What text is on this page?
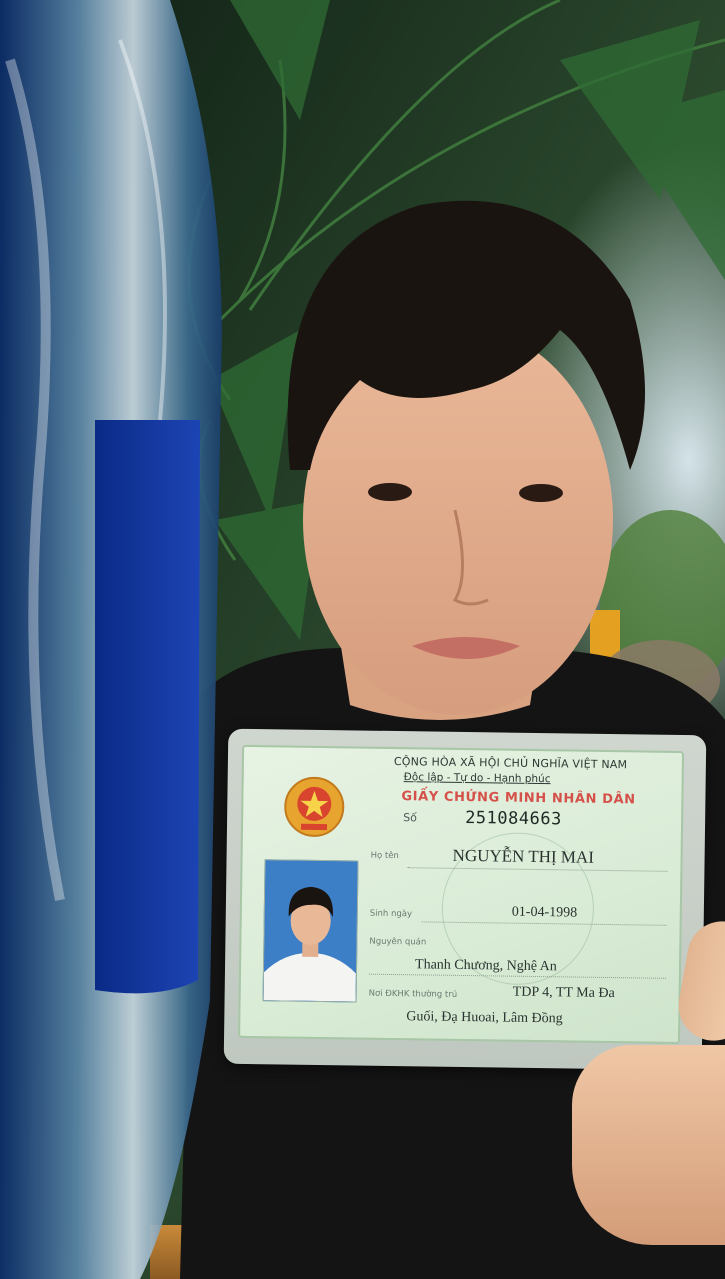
CỘNG HÒA XÃ HỘI CHỦ NGHĨA VIỆT NAM
Độc lập - Tự do - Hạnh phúc
GIẤY CHỨNG MINH NHÂN DÂN
Số	251084663
Họ tên	NGUYỄN THỊ MAI
Sinh ngày	01-04-1998
Nguyên quán
Thanh Chương, Nghệ An
Nơi ĐKHK thường trú	TDP 4, TT Ma Đa
Guối, Đạ Huoai, Lâm Đồng
